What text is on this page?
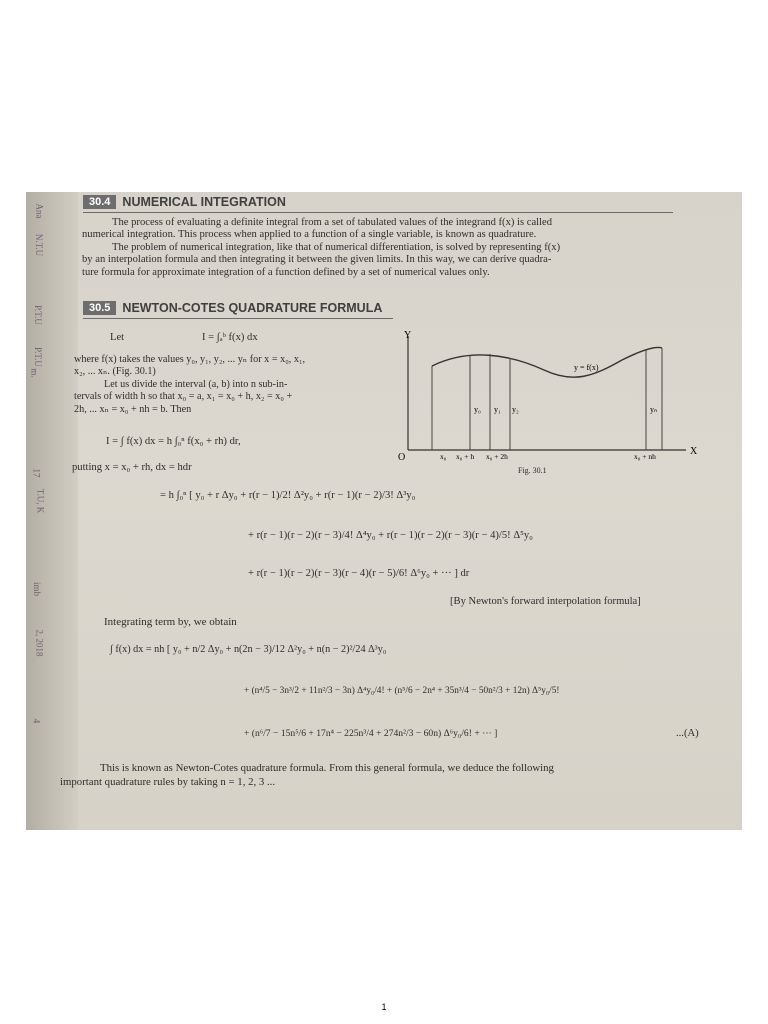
Ana
N.T.U
P.T.U
P.T.U
m.
17
T.U, K
imb
2, 2018
4
30.4 NUMERICAL INTEGRATION

The process of evaluating a definite integral from a set of tabulated values of the integrand f(x) is called

numerical integration. This process when applied to a function of a single variable, is known as quadrature.

The problem of numerical integration, like that of numerical differentiation, is solved by representing f(x)

by an interpolation formula and then integrating it between the given limits. In this way, we can derive quadra-

ture formula for approximate integration of a function defined by a set of numerical values only.

30.5 NEWTON-COTES QUADRATURE FORMULA
Let	I = ∫ₐᵇ f(x) dx

where f(x) takes the values y₀, y₁, y₂, ... yₙ for x = x₀, x₁,

x₂, ... xₙ. (Fig. 30.1)

Let us divide the interval (a, b) into n sub-in-

tervals of width h so that x₀ = a, x₁ = x₀ + h, x₂ = x₀ +

2h, ... xₙ = x₀ + nh = b. Then

I = ∫ f(x) dx = h ∫₀ⁿ f(x₀ + rh) dr,
putting x = x₀ + rh, dx = hdr
Y
X
O
y = f(x)
y₀ y₁ y₂	yₙ
x₀ x₀ + h x₀ + 2h	x₀ + nh
Fig. 30.1
= h ∫₀ⁿ [ y₀ + r Δy₀ + r(r − 1)/2! Δ²y₀ + r(r − 1)(r − 2)/3! Δ³y₀
+ r(r − 1)(r − 2)(r − 3)/4! Δ⁴y₀ + r(r − 1)(r − 2)(r − 3)(r − 4)/5! Δ⁵y₀
+ r(r − 1)(r − 2)(r − 3)(r − 4)(r − 5)/6! Δ⁶y₀ + ··· ] dr
[By Newton's forward interpolation formula]
Integrating term by, we obtain
∫ f(x) dx = nh [ y₀ + n/2 Δy₀ + n(2n − 3)/12 Δ²y₀ + n(n − 2)²/24 Δ³y₀
+ (n⁴/5 − 3n³/2 + 11n²/3 − 3n) Δ⁴y₀/4! + (n⁵/6 − 2n⁴ + 35n³/4 − 50n²/3 + 12n) Δ⁵y₀/5!
+ (n⁶/7 − 15n⁵/6 + 17n⁴ − 225n³/4 + 274n²/3 − 60n) Δ⁶y₀/6! + ··· ]	...(A)

This is known as Newton-Cotes quadrature formula. From this general formula, we deduce the following

important quadrature rules by taking n = 1, 2, 3 ...

1
